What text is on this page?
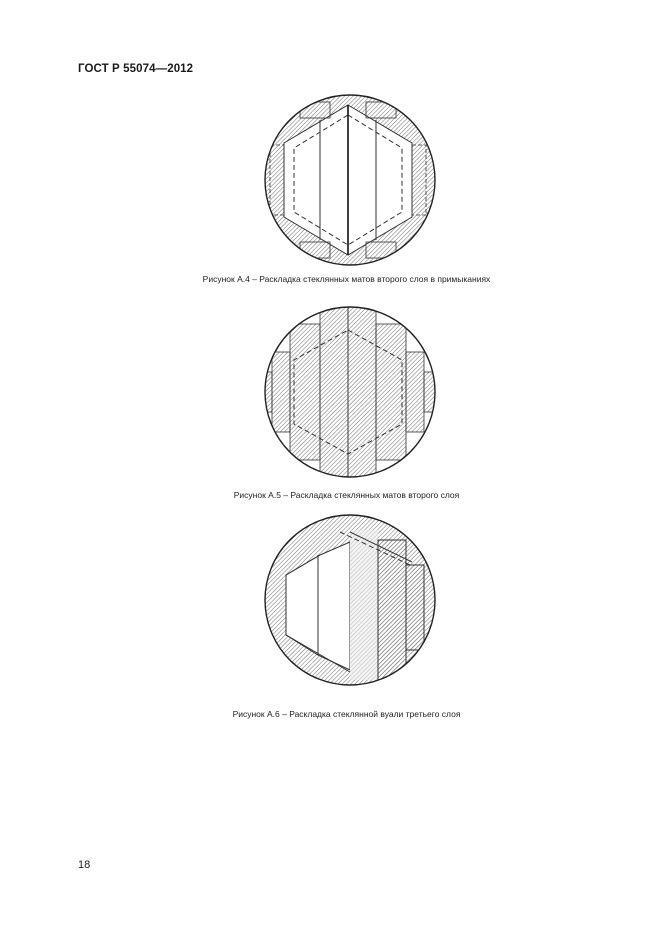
ГОСТ Р 55074—2012
Рисунок А.4 – Раскладка стеклянных матов второго слоя в примыканиях
Рисунок А.5 – Раскладка стеклянных матов второго слоя
Рисунок А.6 – Раскладка стеклянной вуали третьего слоя
18
